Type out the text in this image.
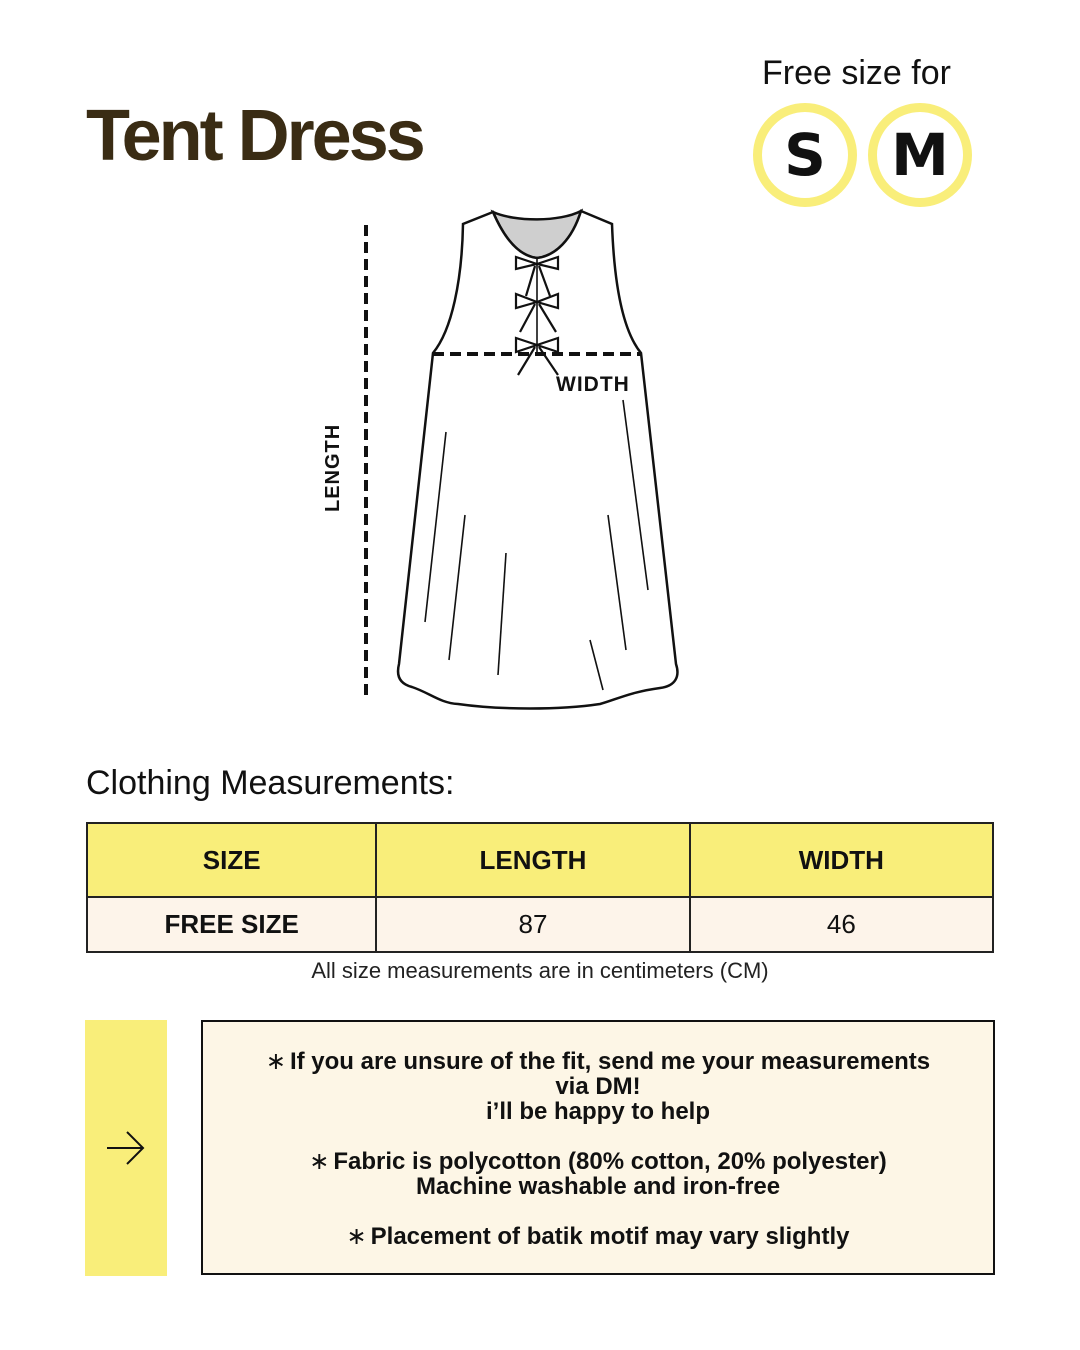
Tent Dress
Free size for
S	M
LENGTH
WIDTH
Clothing Measurements:
SIZE	LENGTH	WIDTH
FREE SIZE	87	46
All size measurements are in centimeters (CM)
∗ If you are unsure of the fit, send me your measurements
via DM!
i’ll be happy to help
∗ Fabric is polycotton (80% cotton, 20% polyester)
Machine washable and iron-free
∗ Placement of batik motif may vary slightly
